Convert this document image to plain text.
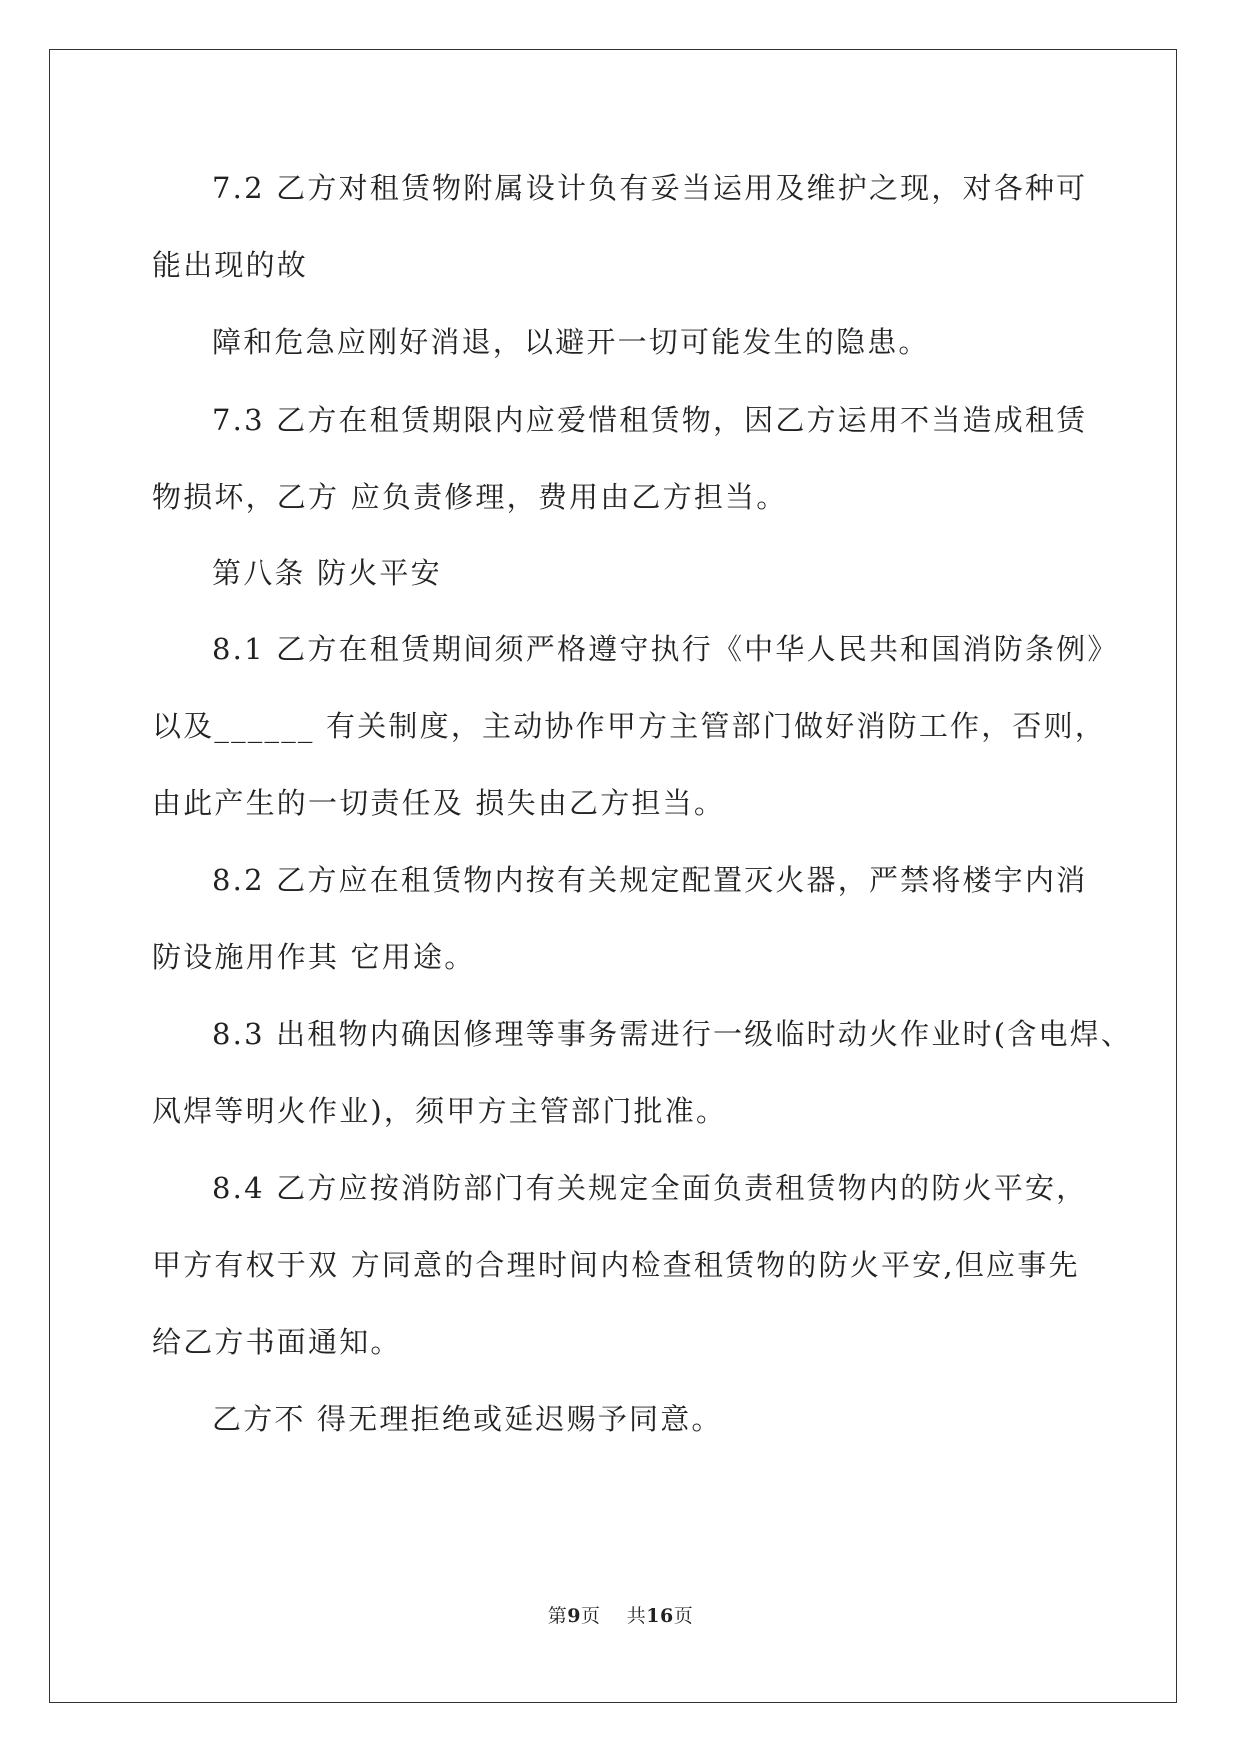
7.2 乙方对租赁物附属设计负有妥当运用及维护之现，对各种可
能出现的故
障和危急应刚好消退，以避开一切可能发生的隐患。
7.3 乙方在租赁期限内应爱惜租赁物，因乙方运用不当造成租赁
物损坏，乙方 应负责修理，费用由乙方担当。
第八条 防火平安
8.1 乙方在租赁期间须严格遵守执行《中华人民共和国消防条例》
以及______ 有关制度，主动协作甲方主管部门做好消防工作，否则，
由此产生的一切责任及 损失由乙方担当。
8.2 乙方应在租赁物内按有关规定配置灭火器，严禁将楼宇内消
防设施用作其 它用途。
8.3 出租物内确因修理等事务需进行一级临时动火作业时(含电焊、
风焊等明火作业)，须甲方主管部门批准。
8.4 乙方应按消防部门有关规定全面负责租赁物内的防火平安，
甲方有权于双 方同意的合理时间内检查租赁物的防火平安,但应事先
给乙方书面通知。
乙方不 得无理拒绝或延迟赐予同意。
第9页 共16页
